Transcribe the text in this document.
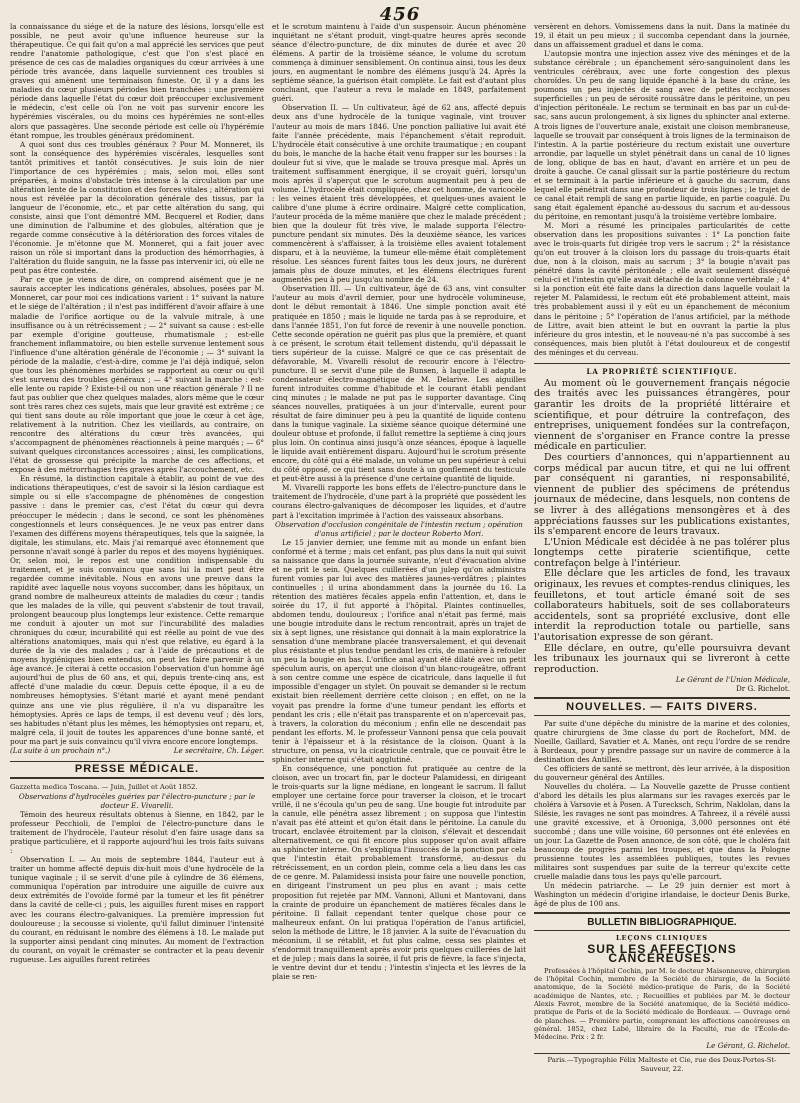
456

la connaissance du siége et de la nature des lésions, lorsqu'elle est possible, ne peut avoir qu'une influence heureuse sur la thérapeutique. Ce qui fait qu'on a mal apprécié les services que peut rendre l'anatomie pathologique, c'est que l'on s'est placé en présence de ces cas de maladies organiques du cœur arrivées à une période très avancée, dans laquelle surviennent ces troubles si graves qui amènent une terminaison funeste. Or, il y a dans les maladies du cœur plusieurs périodes bien tranchées : une première période dans laquelle l'état du cœur doit préoccuper exclusivement le médecin, c'est celle où l'on ne voit pas survenir encore les hypérémies viscérales, ou du moins ces hypérémies ne sont-elles alors que passagères. Une seconde période est celle où l'hypérémie étant rompue, les troubles généraux prédominent.

A quoi sont dus ces troubles généraux ? Pour M. Monneret, ils sont la conséquence des hypérémies viscérales, lesquelles sont tantôt primitives et tantôt consécutives. Je suis loin de nier l'importance de ces hypérémies ; mais, selon moi, elles sont préparées, à moins d'obstacle très intense à la circulation par une altération lente de la constitution et des forces vitales ; altération qui nous est révélée par la décoloration générale des tissus, par la langueur de l'économie, etc., et par cette altération du sang, qui consiste, ainsi que l'ont démontré MM. Becquerel et Rodier, dans une diminution de l'albumine et des globules, altération que je regarde comme consécutive à la détérioration des forces vitales de l'économie. Je m'étonne que M. Monneret, qui a fait jouer avec raison un rôle si important dans la production des hémorrhagies, à l'altération du fluide sanguin, ne la fasse pas intervenir ici, où elle ne peut pas être contestée.

Par ce que je viens de dire, on comprend aisément que je ne saurais accepter les indications générales, absolues, posées par M. Monneret, car pour moi ces indications varient : 1° suivant la nature et le siége de l'altération ; il n'est pas indifférent d'avoir affaire à une maladie de l'orifice aortique ou de la valvule mitrale, à une insuffisance ou à un rétrécissement ; — 2° suivant sa cause : est-elle par exemple d'origine goutteuse, rhumatismale ; est-elle franchement inflammatoire, ou bien estelle survenue lentement sous l'influence d'une altération générale de l'économie ; — 3° suivant la période de la maladie, c'est-à-dire, comme je l'ai déjà indiqué, selon que tous les phénomènes morbides se rapportent au cœur ou qu'il s'est survenu des troubles généraux ; — 4° suivant la marche : est-elle lente ou rapide ? Existe-t-il ou non une réaction générale ? Il ne faut pas oublier que chez quelques malades, alors même que le cœur sont très rares chez ces sujets, mais que leur gravité est extrême ; ce qui tient sans doute au rôle important que joue le cœur à cet âge, relativement à la nutrition. Chez les vieillards, au contraire, on rencontre des altérations du cœur très avancées, qui s'accompagnent de phénomènes réactionnels à peine marqués ; — 6° suivant quelques circonstances accessoires ; ainsi, les complications, l'état de grossesse qui précipite la marche de ces affections, et expose à des métrorrhagies très graves après l'accouchement, etc.

En résumé, la distinction capitale à établir, au point de vue des indications thérapeutiques, c'est de savoir si la lésion cardiaque est simple ou si elle s'accompagne de phénomènes de congestion passive : dans le premier cas, c'est l'état du cœur qui devra préoccuper le médecin ; dans le second, ce sont les phénomènes congestionnels et leurs conséquences. Je ne veux pas entrer dans l'examen des différens moyens thérapeutiques, tels que la saignée, la digitale, les stimulans, etc. Mais j'ai remarqué avec étonnement que personne n'avait songé à parler du repos et des moyens hygiéniques. Or, selon moi, le repos est une condition indispensable du traitement, et je suis convaincu que sans lui la mort peut être regardée comme inévitable. Nous en avons une preuve dans la rapidité avec laquelle nous voyons succomber, dans les hôpitaux, un grand nombre de malheureux atteints de maladies du cœur ; tandis que les malades de la ville, qui peuvent s'abstenir de tout travail, prolongent beaucoup plus longtemps leur existence. Cette remarque me conduit à ajouter un mot sur l'incurabilité des maladies chroniques du cœur, incurabilité qui est réelle au point de vue des altérations anatomiques, mais qui n'est que relative, eu égard à la durée de la vie des malades ; car à l'aide de précautions et de moyens hygiéniques bien entendus, on peut les faire parvenir à un âge avancé. Je citerai à cette occasion l'observation d'un homme âgé aujourd'hui de plus de 60 ans, et qui, depuis trente-cinq ans, est affecté d'une maladie du cœur. Depuis cette époque, il a eu de nombreuses hémoptysies. S'étant marié et ayant mené pendant quinze ans une vie plus régulière, il n'a vu disparaître les hémoptysies. Après ce laps de temps, il est devenu veuf ; dès lors, ses habitudes n'étant plus les mêmes, les hémoptysies ont reparu, et, malgré cela, il jouit de toutes les apparences d'une bonne santé, et pour ma part je suis convaincu qu'il vivra encore encore longtemps.

(La suite à un prochain n°.)	Le secrétaire, Ch. Léger.
PRESSE MÉDICALE.

Gazzetta medica Toscana. — Juin, Juillet et Août 1852.

Observations d'hydrocèles guéries par l'électro-puncture ; par le docteur E. Vivarelli.

Témoin des heureux résultats obtenus à Sienne, en 1842, par le professeur Pecchioli, de l'emploi de l'électro-puncture dans le traitement de l'hydrocèle, l'auteur résolut d'en faire usage dans sa pratique particulière, et il rapporte aujourd'hui les trois faits suivans :

Observation I. — Au mois de septembre 1844, l'auteur eut à traiter un homme affecté depuis dix-huit mois d'une hydrocèle de la tunique vaginale ; il se servit d'une pile à cylindre de 36 élémens, communiqua l'opération par introduire une aiguille de cuivre aux deux extrémités de l'ovoïde formé par la tumeur et les fit pénétrer dans la cavité de celle-ci ; puis, les aiguilles furent mises en rapport avec les courans électro-galvaniques. La première impression fut douloureuse ; la secousse si violente, qu'il fallut diminuer l'intensité du courant, en réduisant le nombre des élémens à 18. Le malade put la supporter ainsi pendant cinq minutes. Au moment de l'extraction du courant, on voyait le crémaster se contracter et la peau devenir rugueuse. Les aiguilles furent retirées

et le scrotum maintenu à l'aide d'un suspensoir. Aucun phénomène inquiétant ne s'étant produit, vingt-quatre heures après seconde séance d'électro-puncture, de dix minutes de durée et avec 20 élémens. A partir de la troisième séance, le volume du scrotum commença à diminuer sensiblement. On continua ainsi, tous les deux jours, en augmentant le nombre des élémens jusqu'à 24. Après la septième séance, la guérison était complète. Le fait est d'autant plus concluant, que l'auteur a revu le malade en 1849, parfaitement guéri.

Observation II. — Un cultivateur, âgé de 62 ans, affecté depuis deux ans d'une hydrocèle de la tunique vaginale, vint trouver l'auteur au mois de mars 1846. Une ponction palliative lui avait été faite l'année précédente, mais l'épanchement s'était reproduit. L'hydrocèle était consécutive à une orchite traumatique ; en coupant du bois, le manche de la hache était venu frapper sur les bourses : la douleur fut si vive, que le malade se trouva presque mal. Après un traitement suffisamment énergique, il se croyait guéri, lorsqu'un mois après il s'aperçut que le scrotum augmentait peu à peu de volume. L'hydrocèle était compliquée, chez cet homme, de varicocèle : les veines étaient très développées, et quelques-unes avaient le calibre d'une plume à écrire ordinaire. Malgré cette complication, l'auteur procéda de la même manière que chez le malade précédent ; bien que la douleur fût très vive, le malade supporta l'électro-puncture pendant six minutes. Dès la deuxième séance, les varices commencèrent à s'affaisser, à la troisième elles avaient totalement disparu, et à la neuvième, la tumeur elle-même était complètement résolue. Les séances furent faites tous les deux jours, ne durèrent jamais plus de douze minutes, et les élémens électriques furent augmentés peu à peu jusqu'au nombre de 24.

Observation III. — Un cultivateur, âgé de 63 ans, vint consulter l'auteur au mois d'avril dernier, pour une hydrocèle volumineuse, dont le début remontait à 1846. Une simple ponction avait été pratiquée en 1850 ; mais le liquide ne tarda pas à se reproduire, et dans l'année 1851, l'on fut forcé de revenir à une nouvelle ponction. Cette seconde opération ne guérit pas plus que la première, et quant à ce présent, le scrotum était tellement distendu, qu'il dépassait le tiers supérieur de la cuisse. Malgré ce que ce cas présentait de défavorable, M. Vivarelli résolut de recourir encore à l'électro-puncture. Il se servit d'une pile de Bunsen, à laquelle il adapta le condensateur électro-magnétique de M. Delarive. Les aiguilles furent introduites comme d'habitude et le courant établi pendant cinq minutes ; le malade ne put pas le supporter davantage. Cinq séances nouvelles, pratiquées à un jour d'intervalle, eurent pour résultat de faire diminuer peu à peu la quantité de liquide contenu dans la tunique vaginale. La sixième séance quoique déterminé une douleur obtuse et profonde, il fallut remettre la septième à cinq jours plus loin. On continua ainsi jusqu'à onze séances, époque à laquelle le liquide avait entièrement disparu. Aujourd'hui le scrotum présente encore, du côté qui a été malade, un volume un peu supérieur à celui du côté opposé, ce qui tient sans doute à un gonflement du testicule et peut-être aussi à la présence d'une certaine quantité de liquide.

M. Vivarelli rapporte les bons effets de l'électro-puncture dans le traitement de l'hydrocèle, d'une part à la propriété que possèdent les courans électro-galvaniques de décomposer les liquides, et d'autre part à l'excitation imprimée à l'action des vaisseaux absorbans.

Observation d'occlusion congénitale de l'intestin rectum ; opération d'anus artificiel ; par le docteur Roberto Mori.

Le 15 janvier dernier, une femme mit au monde un enfant bien conformé et à terme ; mais cet enfant, pas plus dans la nuit qui suivit sa naissance que dans la journée suivante, n'eut d'évacuation alvine et ne prit le sein. Quelques cuillerées d'un julep qu'on administra furent vomies par lui avec des matières jaunes-verdâtres ; plaintes continuelles ; il urina abondamment dans la journée du 16. La rétention des matières fécales appela enfin l'attention, et, dans le soirée du 17, il fut apporté à l'hôpital. Plaintes continuelles, abdomen tendu, douloureux ; l'orifice anal n'était pas fermé, mais une bougie introduite dans le rectum rencontrait, après un trajet de six à sept lignes, une résistance qui donnait à la main exploratrice la sensation d'une membrane placée transversalement, et qui devenait plus résistante et plus tendue pendant les cris, de manière à refouler un peu la bougie en bas. L'orifice anal ayant été dilaté avec un petit spéculum auris, on aperçut une cloison d'un blanc-rougeâtre, offrant à son centre comme une espèce de cicatricule, dans laquelle il fut impossible d'engager un stylet. On pouvait se demander si le rectum existait bien réellement derrière cette cloison ; en effet, on ne la voyait pas prendre la forme d'une tumeur pendant les efforts et pendant les cris ; elle n'était pas transparente et on n'apercevait pas, à travers, la coloration du méconium ; enfin elle ne descendait pas pendant les efforts. M. le professeur Vannoni pensa que cela pouvait tenir à l'épaisseur et à la résistance de la cloison. Quant à la structure, on pensa, vu la cicatricule centrale, que ce pouvait être le sphincter interne qui s'était agglutiné.

En conséquence, une ponction fut pratiquée au centre de la cloison, avec un trocart fin, par le docteur Palamidessi, en dirigeant le trois-quarts sur la ligne médiane, en longeant le sacrum. Il fallut employer une certaine force pour traverser la cloison, et le trocart vrillé, il ne s'écoula qu'un peu de sang. Une bougie fut introduite par la canule, elle pénétra assez librement ; on supposa que l'intestin n'avait pas été atteint et qu'on était dans le péritoine. La canule du trocart, enclavée étroitement par la cloison, s'élevait et descendait alternativement, ce qui fit encore plus supposer qu'on avait affaire au sphincter interne. On s'expliqua l'insuccès de la ponction par cela que l'intestin était probablement transformé, au-dessus du rétrécissement, en un cordon plein, comme cela a lieu dans les cas de ce genre. M. Palamidessi insista pour faire une nouvelle ponction, en dirigeant l'instrument un peu plus en avant ; mais cette proposition fut rejetée par MM. Vannoni, Alluni et Mantovani, dans la crainte de produire un épanchement de matières fécales dans le péritoine. Il fallait cependant tenter quelque chose pour ce malheureux enfant. On lui pratiqua l'opération de l'anus artificiel, selon la méthode de Littre, le 18 janvier. A la suite de l'évacuation du méconium, il se rétablit, et fut plus calme, cessa ses plaintes et s'endormit tranquillement après avoir pris quelques cuillerées de lait et de julep ; mais dans la soirée, il fut pris de fièvre, la face s'injecta, le ventre devint dur et tendu ; l'intestin s'injecta et les lèvres de la plaie se ren-

versèrent en dehors. Vomissemens dans la nuit. Dans la matinée du 19, il était un peu mieux ; il succomba cependant dans la journée, dans un affaissement graduel et dans le coma.

L'autopsie montra une injection assez vive des méninges et de la substance cérébrale ; un épanchement séro-sanguinolent dans les ventricules cérébraux, avec une forte congestion des plexus choroïdes. Un peu de sang liquide épanché à la base du crâne, les poumons un peu injectés de sang avec de petites ecchymoses superficielles ; un peu de sérosité roussâtre dans le péritoine, un peu d'injection péritonéale. Le rectum se terminait en bas par un cul-de-sac, sans aucun prolongement, à six lignes du sphincter anal externe. A trois lignes de l'ouverture anale, existait une cloison membraneuse, laquelle se trouvait par conséquent à trois lignes de la terminaison de l'intestin. A la partie postérieure du rectum existait une ouverture arrondie, par laquelle un stylet pénétrait dans un canal de 10 lignes de long, oblique de bas en haut, d'avant en arrière et un peu de droite à gauche. Ce canal glissait sur la partie postérieure du rectum et se terminait à la partie inférieure et à gauche du sacrum, dans lequel elle pénétrait dans une profondeur de trois lignes ; le trajet de ce canal était rempli de sang en partie liquide, en partie coagulé. Du sang était également épanché au-dessous du sacrum et au-dessous du péritoine, en remontant jusqu'à la troisième vertèbre lombaire.

M. Mori a résumé les principales particularités de cette observation dans les propositions suivantes : 1° La ponction faite avec le trois-quarts fut dirigée trop vers le sacrum ; 2° la résistance qu'on eut trouver à la cloison lors du passage du trois-quarts était due, non à la cloison, mais au sacrum ; 3° la bougie n'avait pas pénétré dans la cavité péritonéale ; elle avait seulement disséqué celui-ci et l'intestin qu'elle avait détaché de la colonne vertébrale ; 4° si la ponction eût été faite dans la direction dans laquelle voulait la rejeter M. Palamidessi, le rectum eût été probablement atteint, mais très probablement aussi il y eût eu un épanchement de méconium dans le péritoine ; 5° l'opération de l'anus artificiel, par la méthode de Littre, avait bien atteint le but en ouvrant la partie la plus inférieure du gros intestin, et le nouveau-né n'a pas succombé à ses conséquences, mais bien plutôt à l'état douloureux et de congestif des méninges et du cerveau.

LA PROPRIÉTÉ SCIENTIFIQUE.

Au moment où le gouvernement français négocie des traités avec les puissances étrangères, pour garantir les droits de la propriété littéraire et scientifique, et pour détruire la contrefaçon, des entreprises, uniquement fondées sur la contrefaçon, viennent de s'organiser en France contre la presse médicale en particulier.

Des courtiers d'annonces, qui n'appartiennent au corps médical par aucun titre, et qui ne lui offrent par conséquent ni garanties, ni responsabilité, viennent de publier des spécimens de prétendus journaux de médecine, dans lesquels, non contens de se livrer à des allégations mensongères et à des appréciations fausses sur les publications existantes, ils s'emparent encore de leurs travaux.

L'Union Médicale est décidée à ne pas tolérer plus longtemps cette piraterie scientifique, cette contrefaçon belge à l'intérieur.

Elle déclare que les articles de fond, les travaux originaux, les revues et comptes-rendus cliniques, les feuilletons, et tout article émané soit de ses collaborateurs habituels, soit de ses collaborateurs accidentels, sont sa propriété exclusive, dont elle interdit la reproduction totale ou partielle, sans l'autorisation expresse de son gérant.

Elle déclare, en outre, qu'elle poursuivra devant les tribunaux les journaux qui se livreront à cette reproduction.

Le Gérant de l'Union Médicale,

Dr G. Richelot.

NOUVELLES. — FAITS DIVERS.

Par suite d'une dépêche du ministre de la marine et des colonies, quatre chirurgiens de 3me classe du port de Rochefort, MM. de Noeille, Gaillard, Savatier et A. Manès, ont reçu l'ordre de se rendre à Bordeaux, pour y prendre passage sur un navire de commerce à la destination des Antilles.

Ces officiers de santé se mettront, dès leur arrivée, à la disposition du gouverneur général des Antilles.

Nouvelles du choléra. — La Nouvelle gazette de Prusse contient d'abord les détails les plus alarmans sur les ravages exercés par le choléra à Varsovie et à Posen. A Turecksch, Schrim, Naklolan, dans la Silésie, les ravages ne sont pas moindres. A Tahreez, il a révélé aussi une gravité excessive, et à Orooniga, 3,000 personnes ont été succombé ; dans une ville voisine, 60 personnes ont été enlevées en un jour. La Gazette de Posen annonce, de son côté, que le choléra fait beaucoup de progrès parmi les troupes, et que dans la Pologne prussienne toutes les assemblées publiques, toutes les revues militaires sont suspendues par suite de la terreur qu'excite cette cruelle maladie dans tous les pays qu'elle parcourt.

Un médecin patriarche. — Le 29 juin dernier est mort à Washington un médecin d'origine irlandaise, le docteur Denis Burke, âgé de plus de 100 ans.

BULLETIN BIBLIOGRAPHIQUE.
LEÇONS CLINIQUES
SUR LES AFFECTIONS CANCÉREUSES.

Professées à l'hôpital Cochin, par M. le docteur Maisonneuve, chirurgien de l'hôpital Cochin, membre de la Société de chirurgie, de la Société anatomique, de la Société médico-pratique de Paris, de la Société académique de Nantes, etc. ; Recueillies et publiées par M. le docteur Alexis Favrot, membre de la Société anatomique, de la Société médico-pratique de Paris et de la Société médicale de Bordeaux. — Ouvrage orné de planches. — Première partie, comprenant les affections cancéreuses en général. 1852, chez Labé, libraire de la Faculté, rue de l'École-de-Médecine. Prix : 2 fr.

Le Gérant, G. Richelot.

Paris.—Typographie Félix Malteste et Cie, rue des Deux-Portes-St-Sauveur, 22.
